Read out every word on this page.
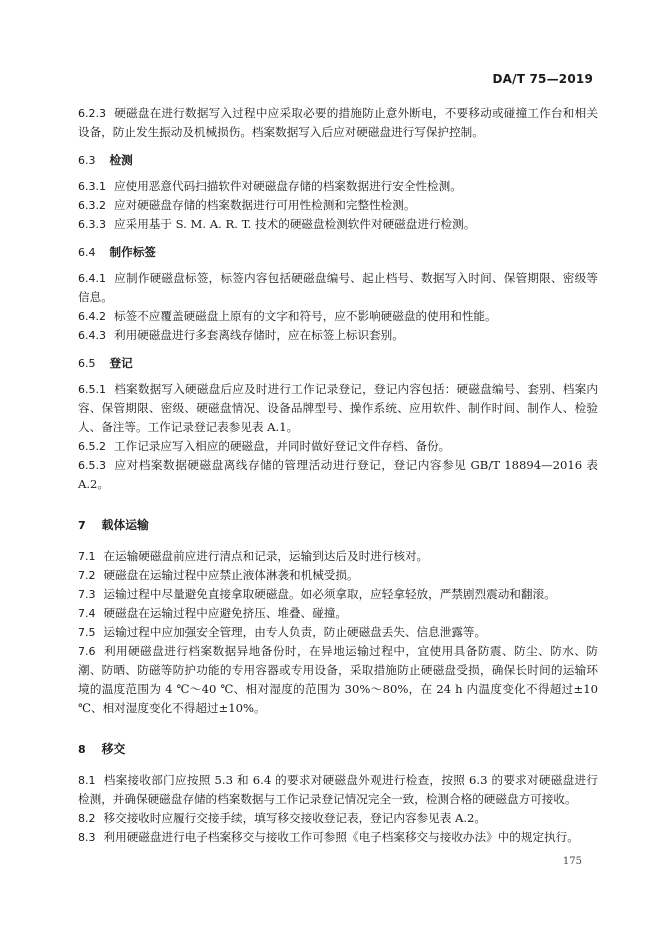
DA/T 75—2019

6.2.3 硬磁盘在进行数据写入过程中应采取必要的措施防止意外断电，不要移动或碰撞工作台和相关设备，防止发生振动及机械损伤。档案数据写入后应对硬磁盘进行写保护控制。

6.3 检测

6.3.1 应使用恶意代码扫描软件对硬磁盘存储的档案数据进行安全性检测。

6.3.2 应对硬磁盘存储的档案数据进行可用性检测和完整性检测。

6.3.3 应采用基于 S. M. A. R. T. 技术的硬磁盘检测软件对硬磁盘进行检测。

6.4 制作标签

6.4.1 应制作硬磁盘标签，标签内容包括硬磁盘编号、起止档号、数据写入时间、保管期限、密级等信息。

6.4.2 标签不应覆盖硬磁盘上原有的文字和符号，应不影响硬磁盘的使用和性能。

6.4.3 利用硬磁盘进行多套离线存储时，应在标签上标识套别。

6.5 登记

6.5.1 档案数据写入硬磁盘后应及时进行工作记录登记，登记内容包括：硬磁盘编号、套别、档案内容、保管期限、密级、硬磁盘情况、设备品牌型号、操作系统、应用软件、制作时间、制作人、检验人、备注等。工作记录登记表参见表 A.1。

6.5.2 工作记录应写入相应的硬磁盘，并同时做好登记文件存档、备份。

6.5.3 应对档案数据硬磁盘离线存储的管理活动进行登记，登记内容参见 GB/T 18894—2016 表 A.2。

7 载体运输

7.1 在运输硬磁盘前应进行清点和记录，运输到达后及时进行核对。

7.2 硬磁盘在运输过程中应禁止液体淋袭和机械受损。

7.3 运输过程中尽量避免直接拿取硬磁盘。如必须拿取，应轻拿轻放，严禁剧烈震动和翻滚。

7.4 硬磁盘在运输过程中应避免挤压、堆叠、碰撞。

7.5 运输过程中应加强安全管理，由专人负责，防止硬磁盘丢失、信息泄露等。

7.6 利用硬磁盘进行档案数据异地备份时，在异地运输过程中，宜使用具备防震、防尘、防水、防潮、防晒、防磁等防护功能的专用容器或专用设备，采取措施防止硬磁盘受损，确保长时间的运输环境的温度范围为 4 ℃～40 ℃、相对湿度的范围为 30%～80%，在 24 h 内温度变化不得超过±10 ℃、相对湿度变化不得超过±10%。

8 移交

8.1 档案接收部门应按照 5.3 和 6.4 的要求对硬磁盘外观进行检查，按照 6.3 的要求对硬磁盘进行检测，并确保硬磁盘存储的档案数据与工作记录登记情况完全一致，检测合格的硬磁盘方可接收。

8.2 移交接收时应履行交接手续，填写移交接收登记表，登记内容参见表 A.2。

8.3 利用硬磁盘进行电子档案移交与接收工作可参照《电子档案移交与接收办法》中的规定执行。

175
